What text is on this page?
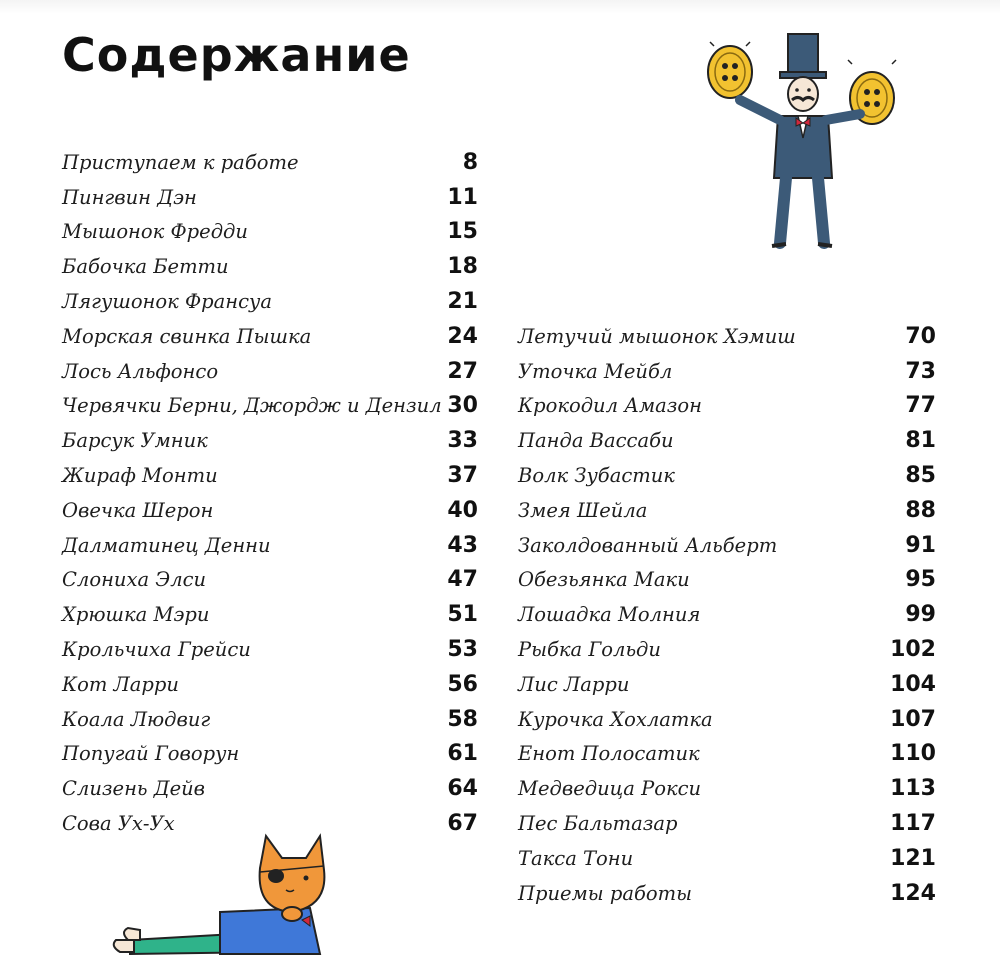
Содержание
Приступаем к работе	8
Пингвин Дэн	11
Мышонок Фредди	15
Бабочка Бетти	18
Лягушонок Франсуа	21
Морская свинка Пышка	24
Лось Альфонсо	27
Червячки Берни, Джордж и Дензил 30
Барсук Умник	33
Жираф Монти	37
Овечка Шерон	40
Далматинец Денни	43
Слониха Элси	47
Хрюшка Мэри	51
Крольчиха Грейси	53
Кот Ларри	56
Коала Людвиг	58
Попугай Говорун	61
Слизень Дейв	64
Сова Ух-Ух	67
Летучий мышонок Хэмиш	70
Уточка Мейбл	73
Крокодил Амазон	77
Панда Вассаби	81
Волк Зубастик	85
Змея Шейла	88
Заколдованный Альберт	91
Обезьянка Маки	95
Лошадка Молния	99
Рыбка Гольди	102
Лис Ларри	104
Курочка Хохлатка	107
Енот Полосатик	110
Медведица Рокси	113
Пес Бальтазар	117
Такса Тони	121
Приемы работы	124
